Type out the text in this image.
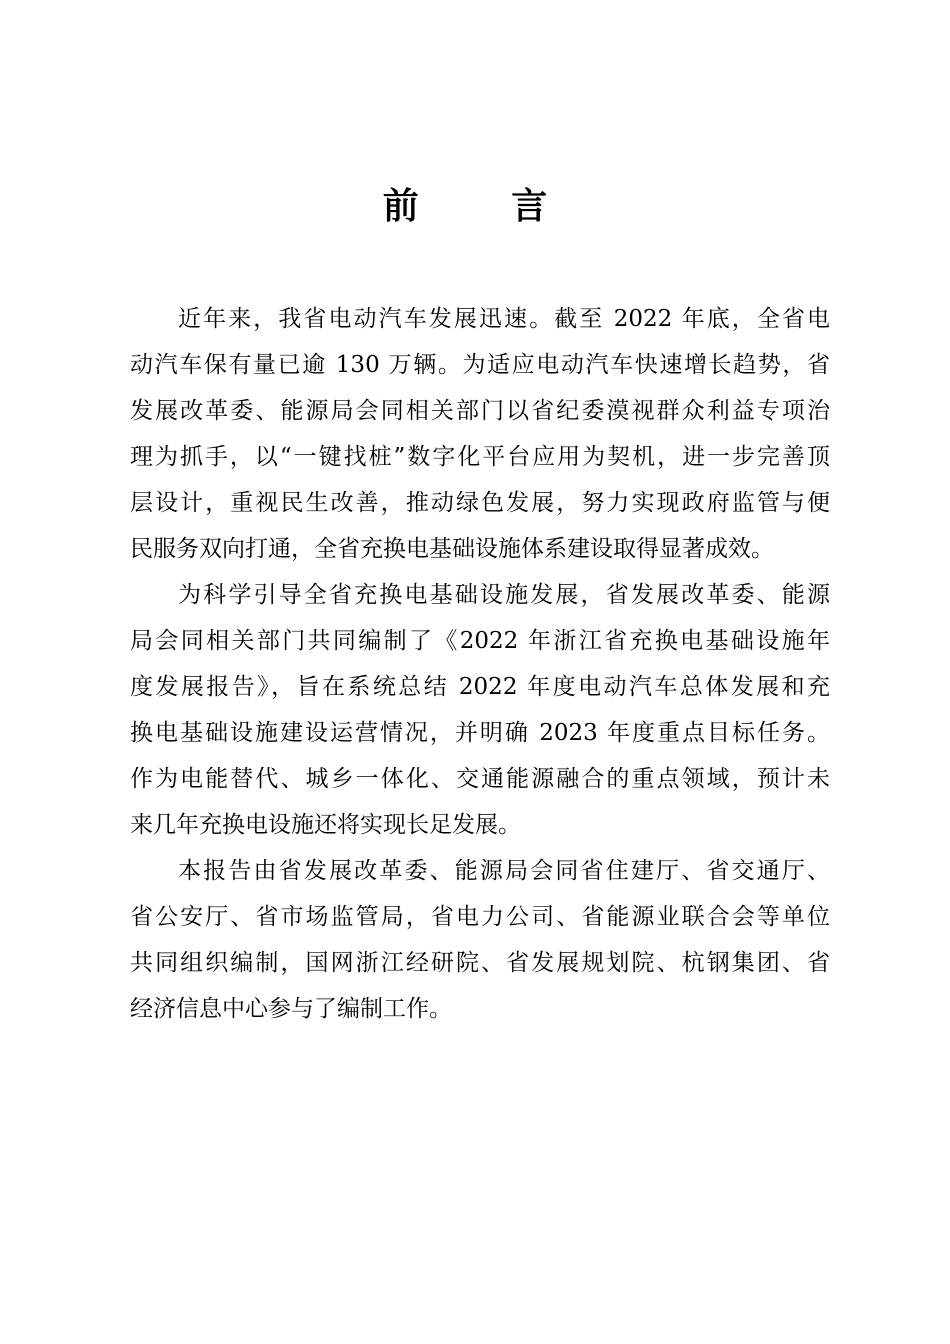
前 言
近年来，我省电动汽车发展迅速。截至 2022 年底，全省电
动汽车保有量已逾 130 万辆。为适应电动汽车快速增长趋势，省
发展改革委、能源局会同相关部门以省纪委漠视群众利益专项治
理为抓手，以“一键找桩”数字化平台应用为契机，进一步完善顶
层设计，重视民生改善，推动绿色发展，努力实现政府监管与便
民服务双向打通，全省充换电基础设施体系建设取得显著成效。
为科学引导全省充换电基础设施发展，省发展改革委、能源
局会同相关部门共同编制了《2022 年浙江省充换电基础设施年
度发展报告》，旨在系统总结 2022 年度电动汽车总体发展和充
换电基础设施建设运营情况，并明确 2023 年度重点目标任务。
作为电能替代、城乡一体化、交通能源融合的重点领域，预计未
来几年充换电设施还将实现长足发展。
本报告由省发展改革委、能源局会同省住建厅、省交通厅、
省公安厅、省市场监管局，省电力公司、省能源业联合会等单位
共同组织编制，国网浙江经研院、省发展规划院、杭钢集团、省
经济信息中心参与了编制工作。
